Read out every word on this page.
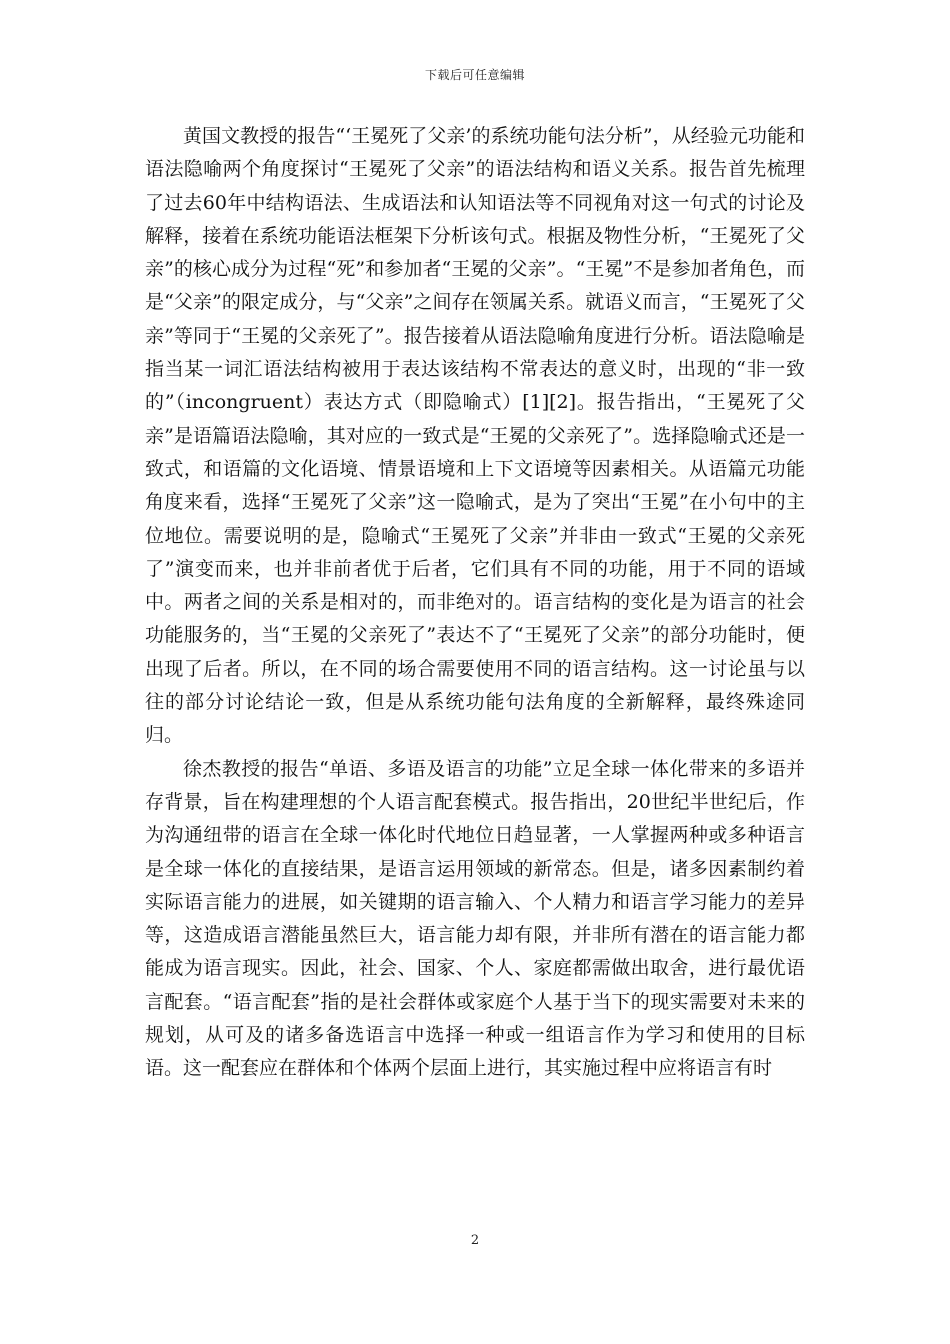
下载后可任意编辑

黄国文教授的报告“‘王冕死了父亲’的系统功能句法分析”，从经验元功能和语法隐喻两个角度探讨“王冕死了父亲”的语法结构和语义关系。报告首先梳理了过去60年中结构语法、生成语法和认知语法等不同视角对这一句式的讨论及解释，接着在系统功能语法框架下分析该句式。根据及物性分析，“王冕死了父亲”的核心成分为过程“死”和参加者“王冕的父亲”。“王冕”不是参加者角色，而是“父亲”的限定成分，与“父亲”之间存在领属关系。就语义而言，“王冕死了父亲”等同于“王冕的父亲死了”。报告接着从语法隐喻角度进行分析。语法隐喻是指当某一词汇语法结构被用于表达该结构不常表达的意义时，出现的“非一致的”（incongruent）表达方式（即隐喻式）[1][2]。报告指出，“王冕死了父亲”是语篇语法隐喻，其对应的一致式是“王冕的父亲死了”。选择隐喻式还是一致式，和语篇的文化语境、情景语境和上下文语境等因素相关。从语篇元功能角度来看，选择“王冕死了父亲”这一隐喻式，是为了突出“王冕”在小句中的主位地位。需要说明的是，隐喻式“王冕死了父亲”并非由一致式“王冕的父亲死了”演变而来，也并非前者优于后者，它们具有不同的功能，用于不同的语域中。两者之间的关系是相对的，而非绝对的。语言结构的变化是为语言的社会功能服务的，当“王冕的父亲死了”表达不了“王冕死了父亲”的部分功能时，便出现了后者。所以，在不同的场合需要使用不同的语言结构。这一讨论虽与以往的部分讨论结论一致，但是从系统功能句法角度的全新解释，最终殊途同归。

徐杰教授的报告“单语、多语及语言的功能”立足全球一体化带来的多语并存背景，旨在构建理想的个人语言配套模式。报告指出，20世纪半世纪后，作为沟通纽带的语言在全球一体化时代地位日趋显著，一人掌握两种或多种语言是全球一体化的直接结果，是语言运用领域的新常态。但是，诸多因素制约着实际语言能力的进展，如关键期的语言输入、个人精力和语言学习能力的差异等，这造成语言潜能虽然巨大，语言能力却有限，并非所有潜在的语言能力都能成为语言现实。因此，社会、国家、个人、家庭都需做出取舍，进行最优语言配套。“语言配套”指的是社会群体或家庭个人基于当下的现实需要对未来的规划，从可及的诸多备选语言中选择一种或一组语言作为学习和使用的目标语。这一配套应在群体和个体两个层面上进行，其实施过程中应将语言有时

2
